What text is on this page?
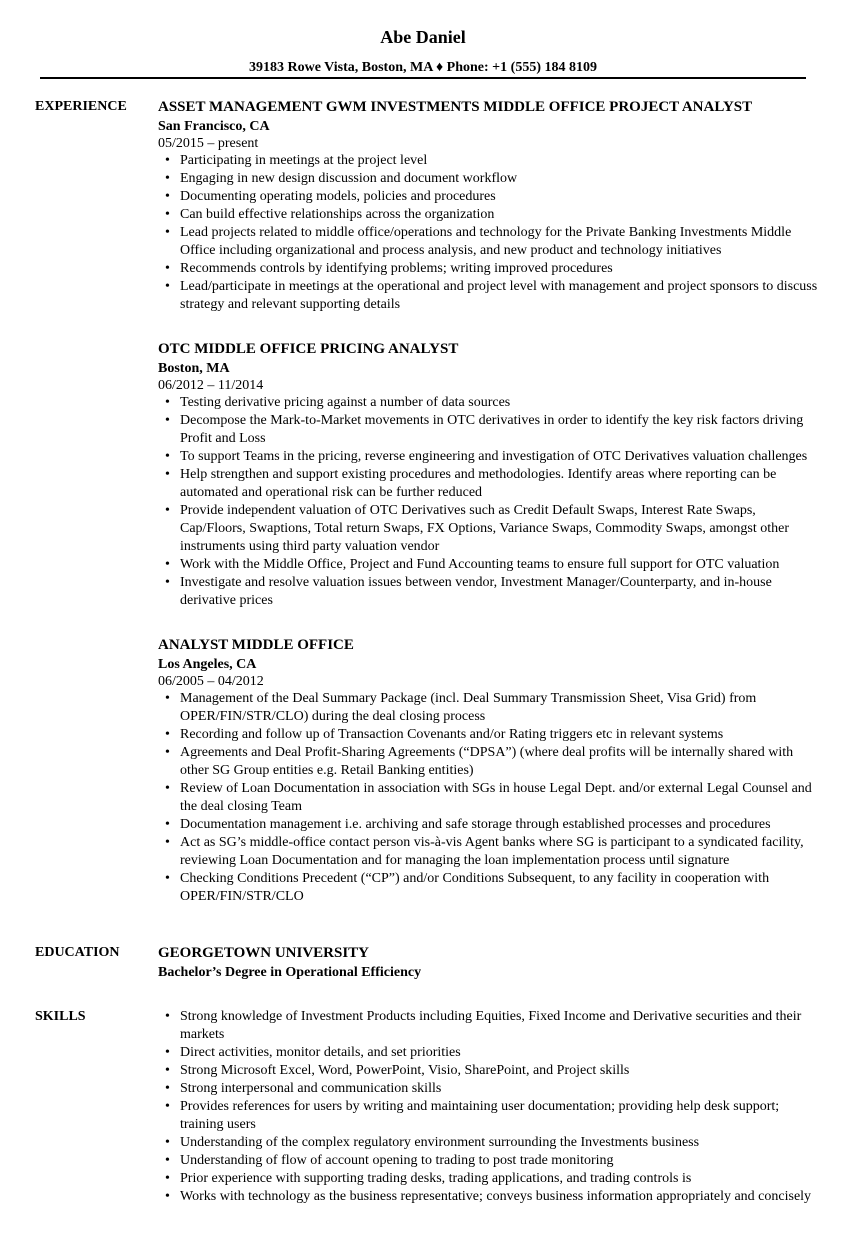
Abe Daniel
39183 Rowe Vista, Boston, MA ♦ Phone: +1 (555) 184 8109
EXPERIENCE	ASSET MANAGEMENT GWM INVESTMENTS MIDDLE OFFICE PROJECT ANALYST
San Francisco, CA
05/2015 – present
• Participating in meetings at the project level
• Engaging in new design discussion and document workflow
• Documenting operating models, policies and procedures
• Can build effective relationships across the organization
• Lead projects related to middle office/operations and technology for the Private Banking Investments Middle Office including organizational and process analysis, and new product and technology initiatives
• Recommends controls by identifying problems; writing improved procedures
• Lead/participate in meetings at the operational and project level with management and project sponsors to discuss strategy and relevant supporting details
OTC MIDDLE OFFICE PRICING ANALYST
Boston, MA
06/2012 – 11/2014
• Testing derivative pricing against a number of data sources
• Decompose the Mark-to-Market movements in OTC derivatives in order to identify the key risk factors driving Profit and Loss
• To support Teams in the pricing, reverse engineering and investigation of OTC Derivatives valuation challenges
• Help strengthen and support existing procedures and methodologies. Identify areas where reporting can be automated and operational risk can be further reduced
• Provide independent valuation of OTC Derivatives such as Credit Default Swaps, Interest Rate Swaps, Cap/Floors, Swaptions, Total return Swaps, FX Options, Variance Swaps, Commodity Swaps, amongst other instruments using third party valuation vendor
• Work with the Middle Office, Project and Fund Accounting teams to ensure full support for OTC valuation
• Investigate and resolve valuation issues between vendor, Investment Manager/Counterparty, and in-house derivative prices
ANALYST MIDDLE OFFICE
Los Angeles, CA
06/2005 – 04/2012
• Management of the Deal Summary Package (incl. Deal Summary Transmission Sheet, Visa Grid) from OPER/FIN/STR/CLO) during the deal closing process
• Recording and follow up of Transaction Covenants and/or Rating triggers etc in relevant systems
• Agreements and Deal Profit-Sharing Agreements (“DPSA”) (where deal profits will be internally shared with other SG Group entities e.g. Retail Banking entities)
• Review of Loan Documentation in association with SGs in house Legal Dept. and/or external Legal Counsel and the deal closing Team
• Documentation management i.e. archiving and safe storage through established processes and procedures
• Act as SG’s middle-office contact person vis-à-vis Agent banks where SG is participant to a syndicated facility, reviewing Loan Documentation and for managing the loan implementation process until signature
• Checking Conditions Precedent (“CP”) and/or Conditions Subsequent, to any facility in cooperation with OPER/FIN/STR/CLO
EDUCATION	GEORGETOWN UNIVERSITY
Bachelor’s Degree in Operational Efficiency
SKILLS
•	Strong knowledge of Investment Products including Equities, Fixed Income and Derivative securities and their markets
• Direct activities, monitor details, and set priorities
• Strong Microsoft Excel, Word, PowerPoint, Visio, SharePoint, and Project skills
• Strong interpersonal and communication skills
• Provides references for users by writing and maintaining user documentation; providing help desk support; training users
• Understanding of the complex regulatory environment surrounding the Investments business
• Understanding of flow of account opening to trading to post trade monitoring
• Prior experience with supporting trading desks, trading applications, and trading controls is
• Works with technology as the business representative; conveys business information appropriately and concisely
